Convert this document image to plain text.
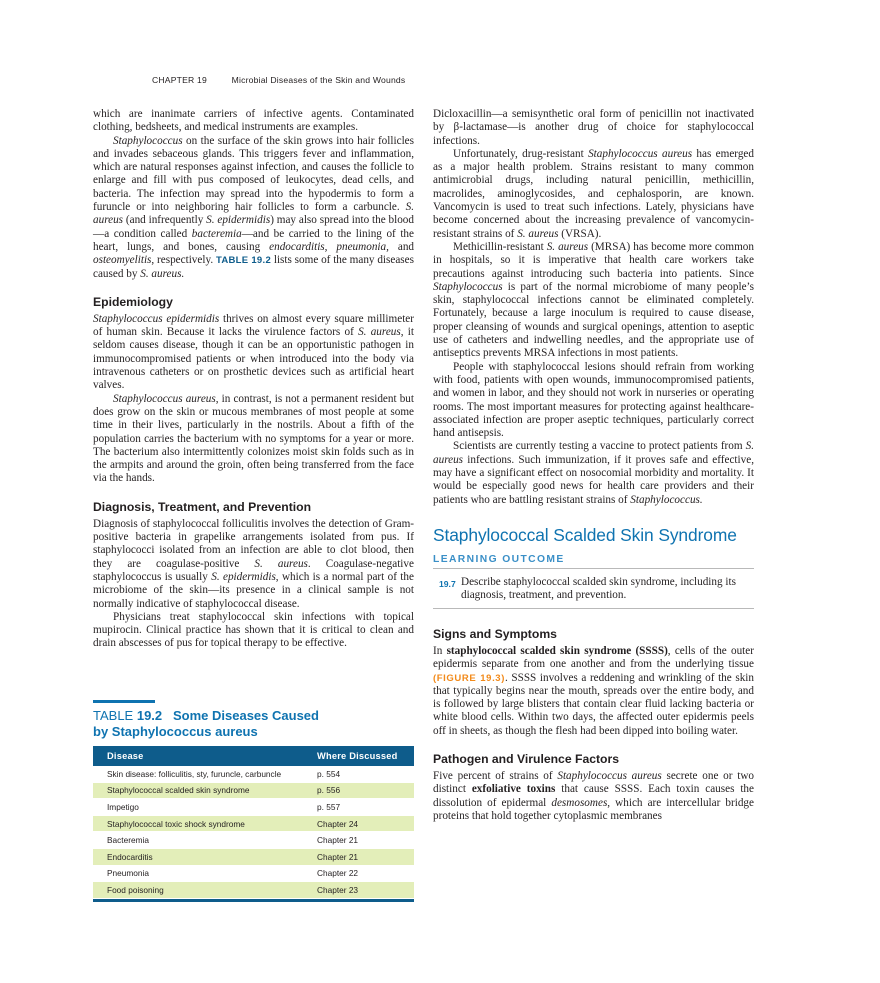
CHAPTER 19	Microbial Diseases of the Skin and Wounds

which are inanimate carriers of infective agents. Contaminated clothing, bedsheets, and medical instruments are examples.

Staphylococcus on the surface of the skin grows into hair follicles and invades sebaceous glands. This triggers fever and inflammation, which are natural responses against infection, and causes the follicle to enlarge and fill with pus composed of leukocytes, dead cells, and bacteria. The infection may spread into the hypodermis to form a furuncle or into neighboring hair follicles to form a carbuncle. S. aureus (and infrequently S. epidermidis) may also spread into the blood—a condition called bacteremia—and be carried to the lining of the heart, lungs, and bones, causing endocarditis, pneumonia, and osteomyelitis, respectively. TABLE 19.2 lists some of the many diseases caused by S. aureus.

Epidemiology

Staphylococcus epidermidis thrives on almost every square millimeter of human skin. Because it lacks the virulence factors of S. aureus, it seldom causes disease, though it can be an opportunistic pathogen in immunocompromised patients or when introduced into the body via intravenous catheters or on prosthetic devices such as artificial heart valves.

Staphylococcus aureus, in contrast, is not a permanent resident but does grow on the skin or mucous membranes of most people at some time in their lives, particularly in the nostrils. About a fifth of the population carries the bacterium with no symptoms for a year or more. The bacterium also intermittently colonizes moist skin folds such as in the armpits and around the groin, often being transferred from the face via the hands.

Diagnosis, Treatment, and Prevention

Diagnosis of staphylococcal folliculitis involves the detection of Gram-positive bacteria in grapelike arrangements isolated from pus. If staphylococci isolated from an infection are able to clot blood, then they are coagulase-positive S. aureus. Coagulase-negative staphylococcus is usually S. epidermidis, which is a normal part of the microbiome of the skin—its presence in a clinical sample is not normally indicative of staphylococcal disease.

Physicians treat staphylococcal skin infections with topical mupirocin. Clinical practice has shown that it is critical to clean and drain abscesses of pus for topical therapy to be effective.

TABLE 19.2 Some Diseases Caused
by Staphylococcus aureus
Disease	Where Discussed
Skin disease: folliculitis, sty, furuncle, carbuncle	p. 554
Staphylococcal scalded skin syndrome	p. 556
Impetigo	p. 557
Staphylococcal toxic shock syndrome	Chapter 24
Bacteremia	Chapter 21
Endocarditis	Chapter 21
Pneumonia	Chapter 22
Food poisoning	Chapter 23

Dicloxacillin—a semisynthetic oral form of penicillin not inactivated by β-lactamase—is another drug of choice for staphylococcal infections.

Unfortunately, drug-resistant Staphylococcus aureus has emerged as a major health problem. Strains resistant to many common antimicrobial drugs, including natural penicillin, methicillin, macrolides, aminoglycosides, and cephalosporin, are known. Vancomycin is used to treat such infections. Lately, physicians have become concerned about the increasing prevalence of vancomycin-resistant strains of S. aureus (VRSA).

Methicillin-resistant S. aureus (MRSA) has become more common in hospitals, so it is imperative that health care workers take precautions against introducing such bacteria into patients. Since Staphylococcus is part of the normal microbiome of many people’s skin, staphylococcal infections cannot be eliminated completely. Fortunately, because a large inoculum is required to cause disease, proper cleansing of wounds and surgical openings, attention to aseptic use of catheters and indwelling needles, and the appropriate use of antiseptics prevents MRSA infections in most patients.

People with staphylococcal lesions should refrain from working with food, patients with open wounds, immunocompromised patients, and women in labor, and they should not work in nurseries or operating rooms. The most important measures for protecting against healthcare-associated infection are proper aseptic techniques, particularly correct hand antisepsis.

Scientists are currently testing a vaccine to protect patients from S. aureus infections. Such immunization, if it proves safe and effective, may have a significant effect on nosocomial morbidity and mortality. It would be especially good news for health care providers and their patients who are battling resistant strains of Staphylococcus.

Staphylococcal Scalded Skin Syndrome
LEARNING OUTCOME
19.7 Describe staphylococcal scalded skin syndrome, including its diagnosis, treatment, and prevention.
Signs and Symptoms

In staphylococcal scalded skin syndrome (SSSS), cells of the outer epidermis separate from one another and from the underlying tissue (FIGURE 19.3). SSSS involves a reddening and wrinkling of the skin that typically begins near the mouth, spreads over the entire body, and is followed by large blisters that contain clear fluid lacking bacteria or white blood cells. Within two days, the affected outer epidermis peels off in sheets, as though the flesh had been dipped into boiling water.

Pathogen and Virulence Factors

Five percent of strains of Staphylococcus aureus secrete one or two distinct exfoliative toxins that cause SSSS. Each toxin causes the dissolution of epidermal desmosomes, which are intercellular bridge proteins that hold together cytoplasmic membranes
